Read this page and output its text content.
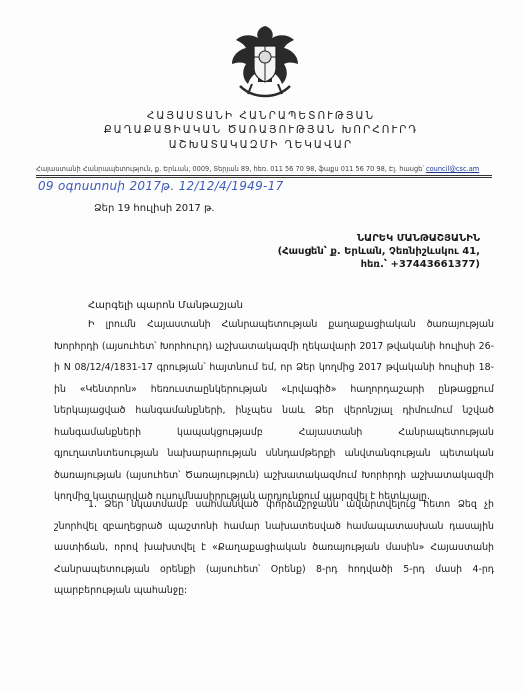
ՀԱՅԱՍՏԱՆԻ ՀԱՆՐԱՊԵՏՈՒԹՅԱՆ
ՔԱՂԱՔԱՑԻԱԿԱՆ ԾԱՌԱՅՈՒԹՅԱՆ ԽՈՐՀՈՒՐԴ
ԱՇԽԱՏԱԿԱԶՄԻ ՂԵԿԱՎԱՐ
Հայաստանի Հանրապետություն, ք. Երևան, 0009, Տերյան 89, հեռ. 011 56 70 98, ֆաքս 011 56 70 98, Էլ. հասցե՝ council@csc.am
09 օգոստոսի 2017թ. 12/12/4/1949-17
Ձեր 19 հուլիսի 2017 թ.
ՆԱՐԵԿ ՄԱՆԹԱՇՅԱՆԻՆ
(Հասցեն՝ ք. Երևան, Չեռնիշևսկու 41,
հեռ.՝ +37443661377)
Հարգելի պարոն Մանթաշյան
Ի լրումն Հայաստանի Հանրապետության քաղաքացիական ծառայության Խորհրդի (այսուհետ՝ Խորհուրդ) աշխատակազմի ղեկավարի 2017 թվականի հուլիսի 26-ի N 08/12/4/1831-17 գրության՝ հայտնում եմ, որ Ձեր կողմից 2017 թվականի հուլիսի 18-ին «Կենտրոն» հեռուստաընկերության «Լրվագիծ» հաղորդաշարի ընթացքում ներկայացված հանգամանքների, ինչպես նաև Ձեր վերոնշյալ դիմումում նշված հանգամանքների կապակցությամբ Հայաստանի Հանրապետության գյուղատնտեսության նախարարության սննդամթերքի անվտանգության պետական ծառայության (այսուհետ՝ Ծառայություն) աշխատակազմում Խորհրդի աշխատակազմի կողմից կատարված ուսումնասիրության արդյունքում պարզվել է հետևյալը.
1. Ձեր նկատմամբ սահմանված փորձաշրջանն ավարտվելուց հետո Ձեզ չի շնորհվել զբաղեցրած պաշտոնի համար նախատեսված համապատասխան դասային աստիճան, որով խախտվել է «Քաղաքացիական ծառայության մասին» Հայաստանի Հանրապետության օրենքի (այսուհետ՝ Օրենք) 8-րդ հոդվածի 5-րդ մասի 4-րդ պարբերության պահանջը:
